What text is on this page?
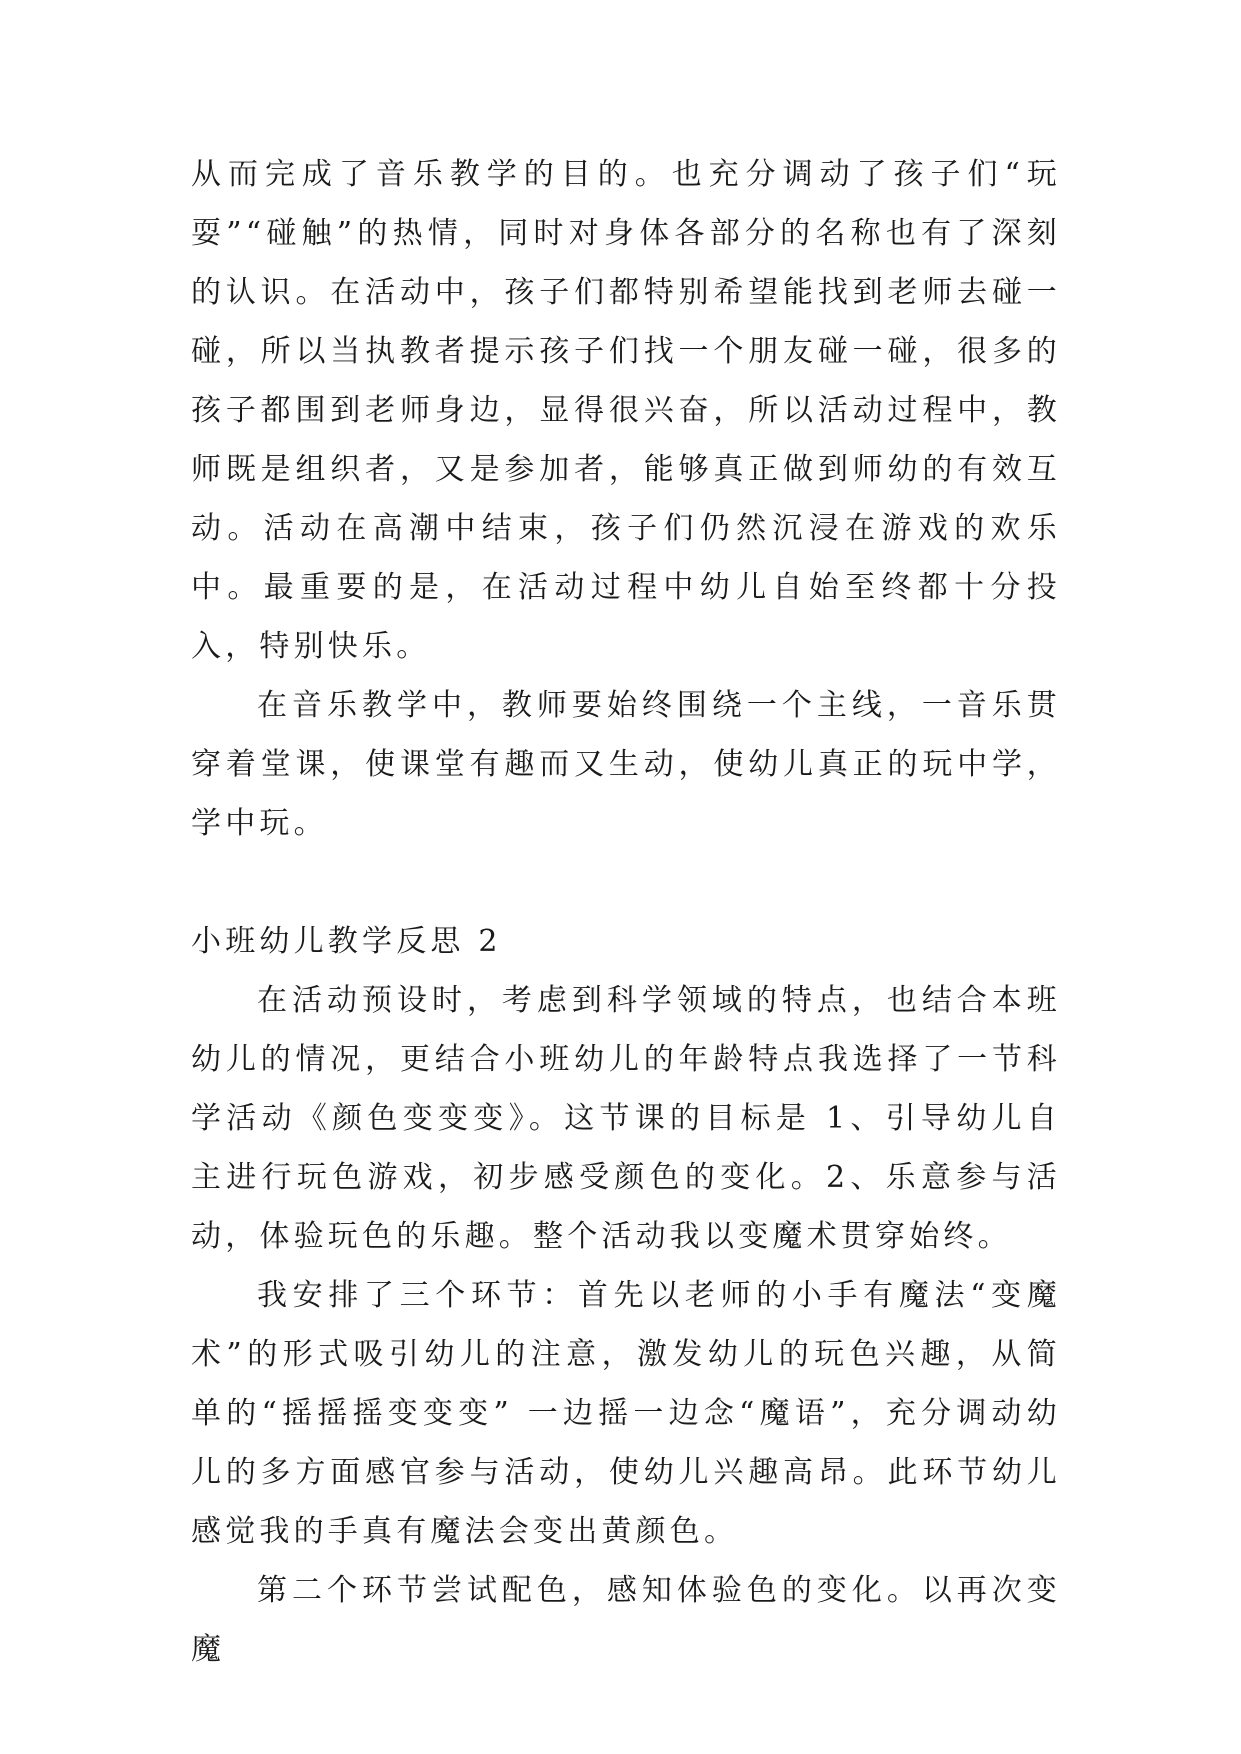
从而完成了音乐教学的目的。也充分调动了孩子们“玩耍”“碰触”的热情，同时对身体各部分的名称也有了深刻的认识。在活动中，孩子们都特别希望能找到老师去碰一碰，所以当执教者提示孩子们找一个朋友碰一碰，很多的孩子都围到老师身边，显得很兴奋，所以活动过程中，教师既是组织者，又是参加者，能够真正做到师幼的有效互动。活动在高潮中结束，孩子们仍然沉浸在游戏的欢乐中。最重要的是，在活动过程中幼儿自始至终都十分投入，特别快乐。

在音乐教学中，教师要始终围绕一个主线，一音乐贯穿着堂课，使课堂有趣而又生动，使幼儿真正的玩中学，学中玩。

小班幼儿教学反思 2

在活动预设时，考虑到科学领域的特点，也结合本班幼儿的情况，更结合小班幼儿的年龄特点我选择了一节科学活动《颜色变变变》。这节课的目标是 1、引导幼儿自主进行玩色游戏，初步感受颜色的变化。2、乐意参与活动，体验玩色的乐趣。整个活动我以变魔术贯穿始终。

我安排了三个环节：首先以老师的小手有魔法“变魔术”的形式吸引幼儿的注意，激发幼儿的玩色兴趣，从简单的“摇摇摇变变变” 一边摇一边念“魔语”，充分调动幼儿的多方面感官参与活动，使幼儿兴趣高昂。此环节幼儿感觉我的手真有魔法会变出黄颜色。

第二个环节尝试配色，感知体验色的变化。以再次变魔
